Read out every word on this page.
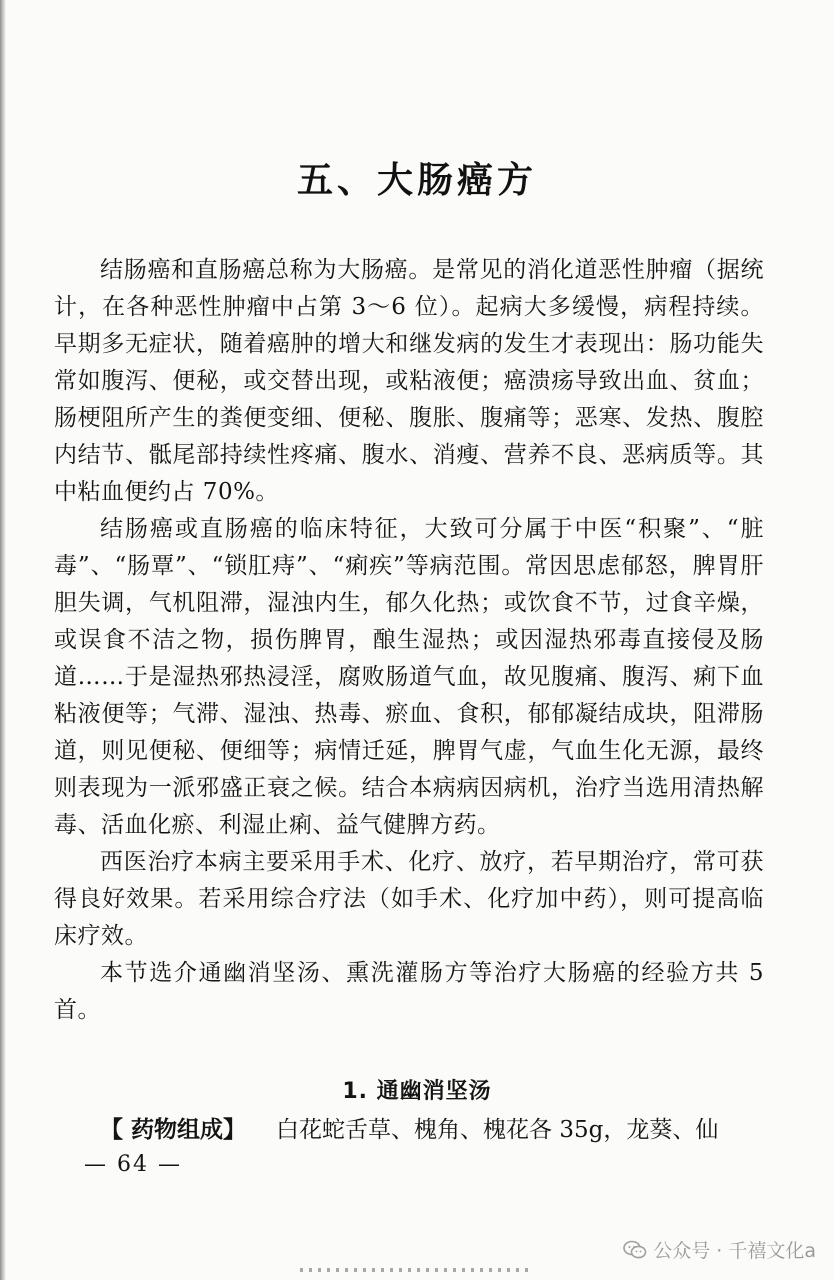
五、大肠癌方

结肠癌和直肠癌总称为大肠癌。是常见的消化道恶性肿瘤（据统计，在各种恶性肿瘤中占第 3～6 位）。起病大多缓慢，病程持续。早期多无症状，随着癌肿的增大和继发病的发生才表现出：肠功能失常如腹泻、便秘，或交替出现，或粘液便；癌溃疡导致出血、贫血；肠梗阻所产生的粪便变细、便秘、腹胀、腹痛等；恶寒、发热、腹腔内结节、骶尾部持续性疼痛、腹水、消瘦、营养不良、恶病质等。其中粘血便约占 70%。

结肠癌或直肠癌的临床特征，大致可分属于中医“积聚”、“脏毒”、“肠覃”、“锁肛痔”、“痢疾”等病范围。常因思虑郁怒，脾胃肝胆失调，气机阻滞，湿浊内生，郁久化热；或饮食不节，过食辛燥，或误食不洁之物，损伤脾胃，酿生湿热；或因湿热邪毒直接侵及肠道……于是湿热邪热浸淫，腐败肠道气血，故见腹痛、腹泻、痢下血粘液便等；气滞、湿浊、热毒、瘀血、食积，郁郁凝结成块，阻滞肠道，则见便秘、便细等；病情迁延，脾胃气虚，气血生化无源，最终则表现为一派邪盛正衰之候。结合本病病因病机，治疗当选用清热解毒、活血化瘀、利湿止痢、益气健脾方药。

西医治疗本病主要采用手术、化疗、放疗，若早期治疗，常可获得良好效果。若采用综合疗法（如手术、化疗加中药），则可提高临床疗效。

本节选介通幽消坚汤、熏洗灌肠方等治疗大肠癌的经验方共 5 首。

1. 通幽消坚汤
【 药物组成】 白花蛇舌草、槐角、槐花各 35g，龙葵、仙
— 64 —
公众号 · 千禧文化a
